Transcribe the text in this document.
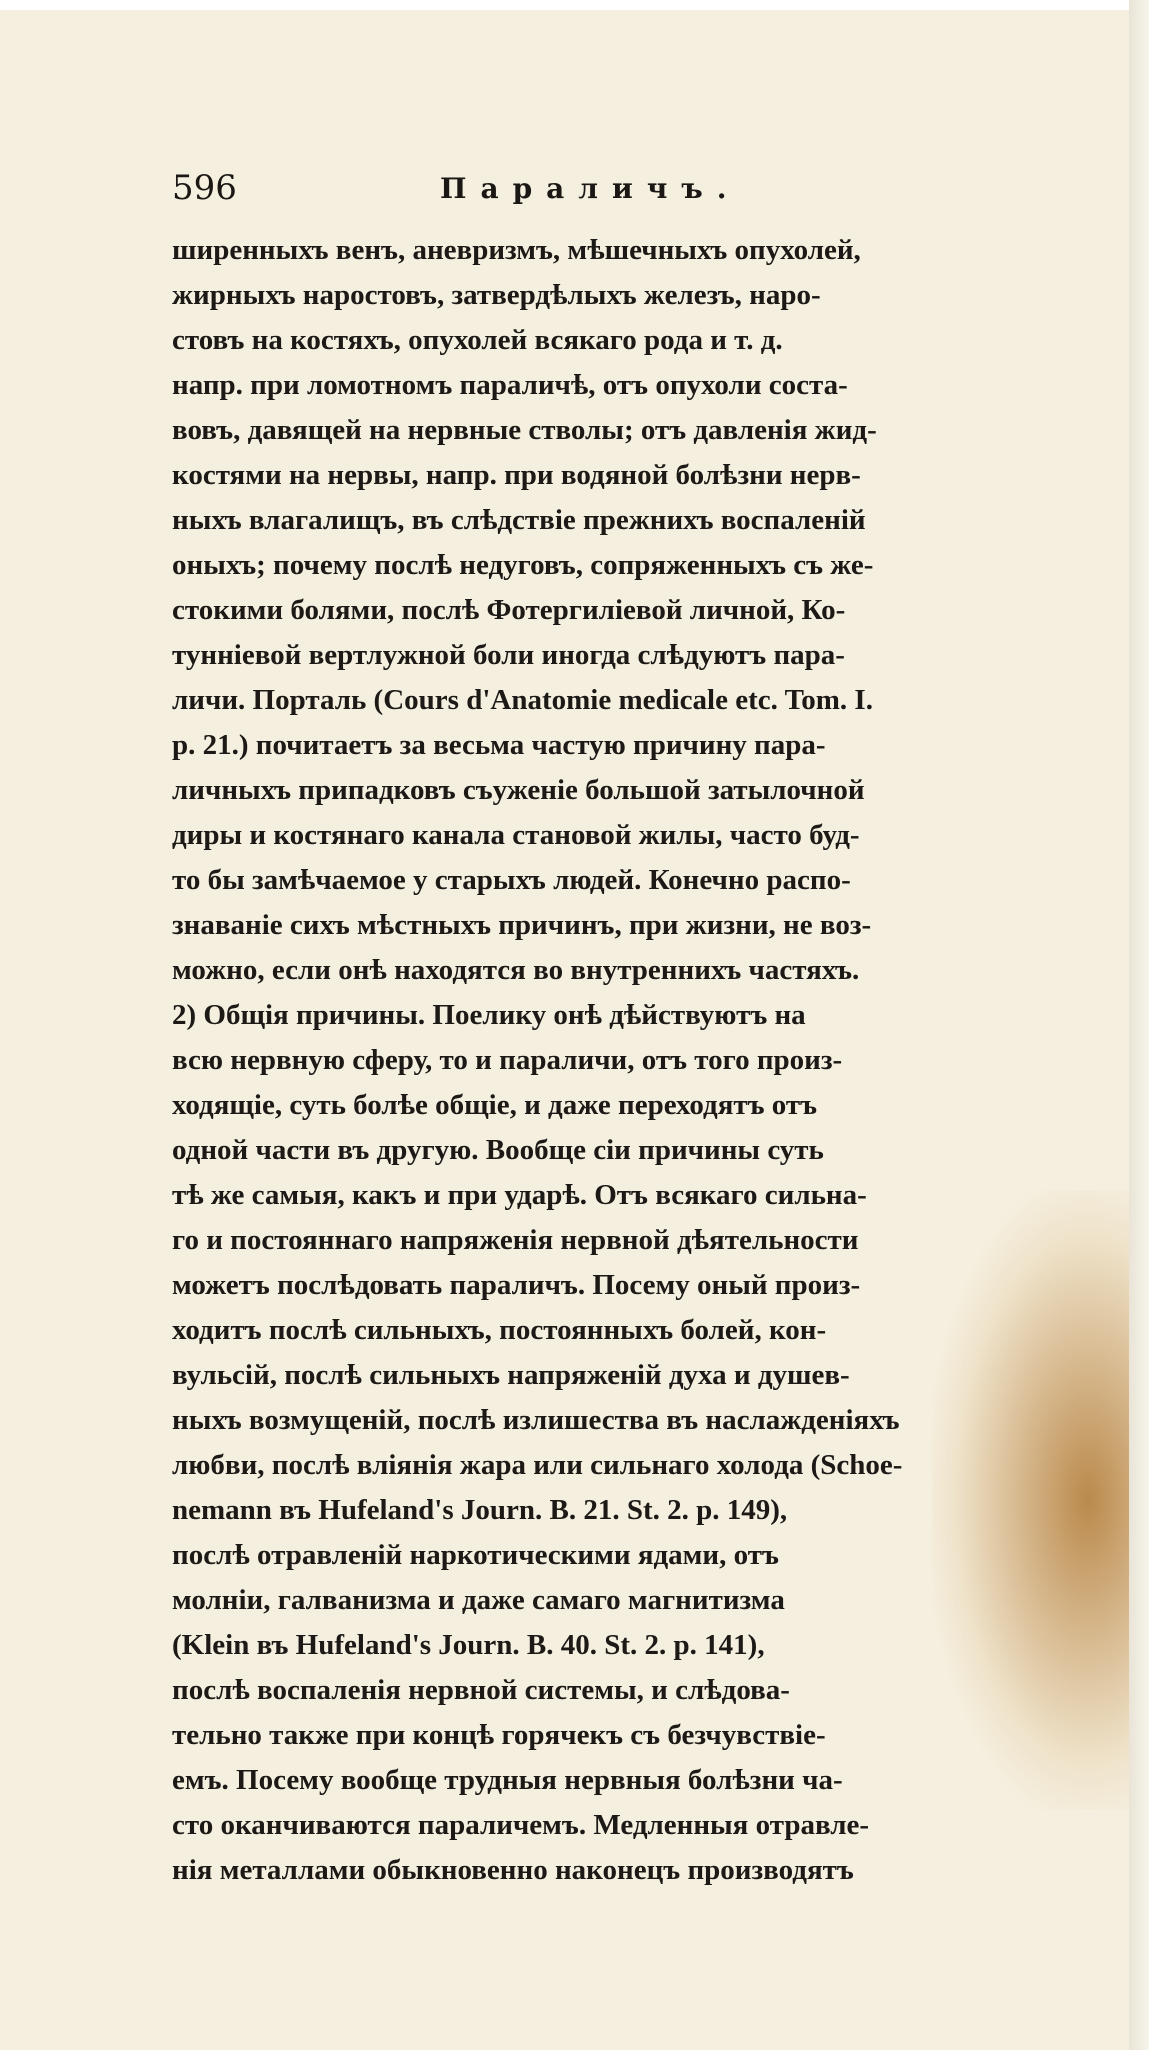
596	Параличъ.
ширенныхъ венъ, аневризмъ, мѣшечныхъ опухолей,
жирныхъ наростовъ, затвердѣлыхъ железъ, наро-
стовъ на костяхъ, опухолей всякаго рода и т. д.
напр. при ломотномъ параличѣ, отъ опухоли соста-
вовъ, давящей на нервные стволы; отъ давленія жид-
костями на нервы, напр. при водяной болѣзни нерв-
ныхъ влагалищъ, въ слѣдствіе прежнихъ воспаленій
оныхъ; почему послѣ недуговъ, сопряженныхъ съ же-
стокими болями, послѣ Фотергиліевой личной, Ко-
тунніевой вертлужной боли иногда слѣдуютъ пара-
личи. Порталь (Cours d'Anatomie medicale etc. Tom. I.
p. 21.) почитаетъ за весьма частую причину пара-
личныхъ припадковъ съуженіе большой затылочной
диры и костянаго канала становой жилы, часто буд-
то бы замѣчаемое у старыхъ людей. Конечно распо-
знаваніе сихъ мѣстныхъ причинъ, при жизни, не воз-
можно, если онѣ находятся во внутреннихъ частяхъ.
2) Общія причины. Поелику онѣ дѣйствуютъ на
всю нервную сферу, то и параличи, отъ того произ-
ходящіе, суть болѣе общіе, и даже переходятъ отъ
одной части въ другую. Вообще сіи причины суть
тѣ же самыя, какъ и при ударѣ. Отъ всякаго сильна-
го и постояннаго напряженія нервной дѣятельности
можетъ послѣдовать параличъ. Посему оный произ-
ходитъ послѣ сильныхъ, постоянныхъ болей, кон-
вульсій, послѣ сильныхъ напряженій духа и душев-
ныхъ возмущеній, послѣ излишества въ наслажденіяхъ
любви, послѣ вліянія жара или сильнаго холода (Schoe-
nemann въ Hufeland's Journ. B. 21. St. 2. p. 149),
послѣ отравленій наркотическими ядами, отъ
молніи, галванизма и даже самаго магнитизма
(Klein въ Hufeland's Journ. B. 40. St. 2. p. 141),
послѣ воспаленія нервной системы, и слѣдова-
тельно также при концѣ горячекъ съ безчувствіе-
емъ. Посему вообще трудныя нервныя болѣзни ча-
сто оканчиваются параличемъ. Медленныя отравле-
нія металлами обыкновенно наконецъ производятъ
